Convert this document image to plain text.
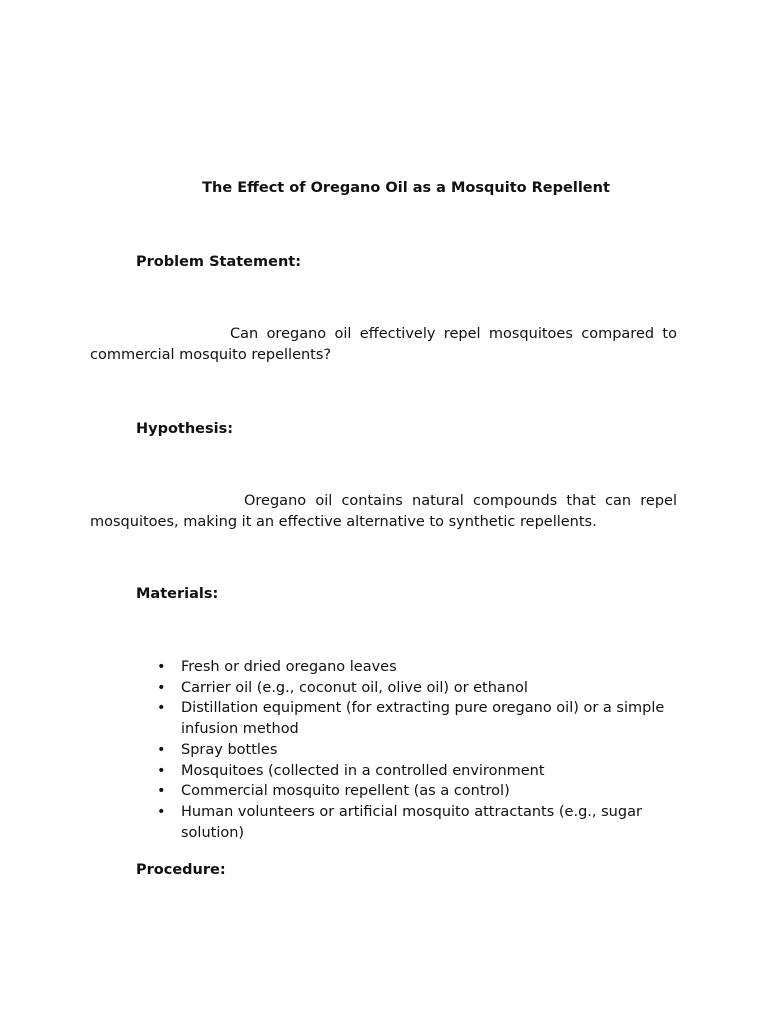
The Effect of Oregano Oil as a Mosquito Repellent
Problem Statement:

Can oregano oil effectively repel mosquitoes compared to commercial mosquito repellents?

Hypothesis:

Oregano oil contains natural compounds that can repel mosquitoes, making it an effective alternative to synthetic repellents.

Materials:
• Fresh or dried oregano leaves
• Carrier oil (e.g., coconut oil, olive oil) or ethanol
• Distillation equipment (for extracting pure oregano oil) or a simple infusion method
• Spray bottles
• Mosquitoes (collected in a controlled environment
• Commercial mosquito repellent (as a control)
• Human volunteers or artificial mosquito attractants (e.g., sugar solution)
Procedure:
